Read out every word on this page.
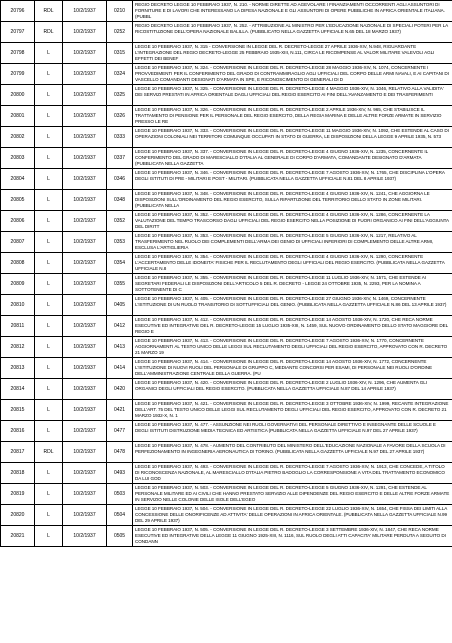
20796	RDL	10/2/1937	0210	REGIO DECRETO LEGGE 10 FEBBRAIO 1937, N. 210. - NORME DIRETTE AD AGEVOLARE I FINANZIAMENTI OCCORRENTI AGLI ASSUNTORI DI FORNITURE E DI LAVORI CHE INTERESSANO LA DIFESA NAZIONALE E GLI ASSUNTORI DI OPERE PUBBLICHE IN AFRICA ORIENTALE ITALIANA. (PUBBL
20797	RDL	10/2/1937	0252	REGIO DECRETO LEGGE 10 FEBBRAIO 1937, N. 252. - ATTRIBUZIONE AL MINISTRO PER L'EDUCAZIONE NAZIONALE DI SPECIALI POTERI PER LA RICOSTITUZIONE DELL'OPERA NAZIONALE BALILLA. (PUBBLICATO NELLA GAZZETTA UFFICIALE N.65 DEL 18 MARZO 1937)
20798	L	10/2/1937	0315	LEGGE 10 FEBBRAIO 1937, N. 315 - CONVERSIONE IN LEGGE DEL R. DECRETO-LEGGE 27 APRILE 1936-XIV, N.948, RIGUARDANTE L'INTEGRAZIONE DEL REGIO DECRETO-LEGGE 25 FEBBRAIO 1935-XIII, N.111, CIRCA LE RICOMPENSE AL VALOR MILITARE VALEVOLI AGLI EFFETTI DEI BENEF
20799	L	10/2/1937	0324	LEGGE 10 FEBBRAIO 1937, N. 324. - CONVERSIONE IN LEGGE DEL R. DECRETO-LEGGE 28 MAGGIO 1936-XIV, N. 1074, CONCERNENTE I PROVVEDIMENTI PER IL CONFERIMENTO DEL GRADO DI CONTRAMMIRAGLIO AGLI UFFICIALI DEL CORPO DELLE ARMI NAVALI, E AI CAPITANI DI VASCELLO COMANDANTI DESIGNATI D'ARMATA IN SPE, E RICONOSCIMENTO DI GENERALI DI D
20800	L	10/2/1937	0325	LEGGE 10 FEBBRAIO 1937, N. 325. - CONVERSIONE IN LEGGE DEL R. DECRETO-LEGGE 4 MAGGIO 1936-XIV, N. 1046, RELATIVO ALLA VALIDITA' DEI SERVIZI PRESTATI IN AFRICA ORIENTALE DAGLI UFFICIALI DEL REGIO ESERCITO AI FINI DELL'AVANZAMENTO E DEI TRASFERIMENTI
20801	L	10/2/1937	0326	LEGGE 10 FEBBRAIO 1937, N. 326. - CONVERSIONE IN LEGGE DEL R. DECRETO-LEGGE 2 APRILE 1936-XIV, N. 965, CHE STABILISCE IL TRATTAMENTO DI PENSIONE PER IL PERSONALE DEL REGIO ESERCITO, DELLA REGIA MARINA E DELLE ALTRE FORZE ARMATE IN SERVIZIO PRESSO LE RE
20802	L	10/2/1937	0333	LEGGE 10 FEBBRAIO 1937, N. 333. - CONVERSIONE IN LEGGE DEL R. DECRETO-LEGGE 11 MAGGIO 1936-XIV, N. 1092, CHE ESTENDE AL CASO DI OPERAZIONI COLONIALI NEI TERRITORI COMUNQUE OCCUPATI IN STATO DI GUERRA, LE DISPOSIZIONI DELLA LEGGE 9 APRILE 1935, N. 573
20803	L	10/2/1937	0337	LEGGE 10 FEBBRAIO 1937, N. 337. - CONVERSIONE IN LEGGE DEL R. DECRETO-LEGGE 4 GIUGNO 1936-XIV, N. 1235, CONCERNENTE IL CONFERIMENTO DEL GRADO DI MARESCIALLO D'ITALIA AL GENERALE DI CORPO D'ARMATA, COMANDANTE DESIGNATO D'ARMATA (PUBBLICATA NELLA GAZZETTA
20804	L	10/2/1937	0346	LEGGE 10 FEBBRAIO 1937, N. 346. - CONVERSIONE IN LEGGE DEL R. DECRETO-LEGGE 7 AGOSTO 1936-XIV, N. 1765, CHE DISCIPLINA L'OPERA DEGLI ISTITUTI DI PRE - MILITARI E POST - MILITARI. (PUBBLICATA NELLA GAZZETTA UFFICIALE N.81 DEL 8 APRILE 1937)
20805	L	10/2/1937	0348	LEGGE 10 FEBBRAIO 1937, N. 348. - CONVERSIONE IN LEGGE DEL R. DECRETO-LEGGE 4 GIUGNO 1936-XIV, N. 1241, CHE AGGIORNA LE DISPOSIZIONI SULL'ORDINAMENTO DEL REGIO ESERCITO, SULLA RIPARTIZIONE DEL TERRITORIO DELLO STATO IN ZONE MILITARI. (PUBBLICATA NELLA
20806	L	10/2/1937	0352	LEGGE 10 FEBBRAIO 1937, N. 352. - CONVERSIONE IN LEGGE DEL R. DECRETO-LEGGE 4 GIUGNO 1936-XIV, N. 1286, CONCERNENTE LA VALUTAZIONE DEL TEMPO TRASCORSO DAGLI UFFICIALI DEL REGIO ESERCITO NELLA POSIZIONE DI FUORI ORGANICO AI FINI DELL'AGGIUNTA DEL DIRITT
20807	L	10/2/1937	0353	LEGGE 10 FEBBRAIO 1937, N. 353. - CONVERSIONE IN LEGGE DEL R. DECRETO-LEGGE 5 GIUGNO 1936-XIV, N. 1217, RELATIVO AL TRASFERIMENTO NEL RUOLO DEI COMPLEMENTI DELL'ARMA DEI GENIO DI UFFICIALI INFERIORI DI COMPLEMENTO DELLE ALTRE ARMI, ESCLUSA L'ARTIGLIERIA
20808	L	10/2/1937	0354	LEGGE 10 FEBBRAIO 1937, N. 354. - CONVERSIONE IN LEGGE DEL R. DECRETO-LEGGE 4 GIUGNO 1936-XIV, N. 1290, CONCERNENTE L'ACCERTAMENTO DELLE IDONEITA' FISICHE PER IL RECLUTAMENTO DEGLI UFFICIALI DEL REGIO ESERCITO. (PUBBLICATA NELLA GAZZETTA UFFICIALE N.8
20809	L	10/2/1937	0355	LEGGE 10 FEBBRAIO 1937, N. 355. - CONVERSIONE IN LEGGE DEL R. DECRETO-LEGGE 11 LUGLIO 1936-XIV, N. 1571, CHE ESTENDE AI SEGRETARI FEDERALI LE DISPOSIZIONI DELL'ARTICOLO 5 DEL R. DECRETO - LEGGE 24 OTTOBRE 1935, N. 2293, PER LA NOMINA A SOTTOTENENTE DI C
20810	L	10/2/1937	0405	LEGGE 10 FEBBRAIO 1937, N. 405. - CONVERSIONE IN LEGGE DEL R. DECRETO-LEGGE 27 GIUGNO 1936-XIV, N. 1469, CONCERNENTE L'ISTITUZIONE DI UN RUOLO TRANSITORIO DI SOTTUFFICIALI DEL GENIO. (PUBBLICATA NELLA GAZZETTA UFFICIALE N.86 DEL 13 APRILE 1937)
20811	L	10/2/1937	0412	LEGGE 10 FEBBRAIO 1937, N. 412. - CONVERSIONE IN LEGGE DEL R. DECRETO-LEGGE 14 AGOSTO 1936-XIV, N. 1720, CHE RECA NORME ESECUTIVE ED INTEGRATIVE DEL R. DECRETO-LEGGE 15 LUGLIO 1935-XIII, N. 1459, SUL NUOVO ORDINAMENTO DELLO STATO MAGGIORE DEL REGIO E
20812	L	10/2/1937	0413	LEGGE 10 FEBBRAIO 1937, N. 413. - CONVERSIONE IN LEGGE DEL R. DECRETO-LEGGE 7 AGOSTO 1936-XIV, N. 1770, CONCERNENTE AGGIORNAMENTI AL TESTO UNICO DELLE LEGGI SUL RECLUTAMENTO DEGLI UFFICIALI DEL REGIO ESERCITO, APPROVATO CON R. DECRETO 21 MARZO 19
20813	L	10/2/1937	0414	LEGGE 10 FEBBRAIO 1937, N. 414. - CONVERSIONE IN LEGGE DEL R. DECRETO-LEGGE 14 AGOSTO 1936-XIV, N. 1772, CONCERNENTE L'ISTITUZIONE DI NUOVI RUOLI DEL PERSONALE DI GRUPPO C, MEDIANTE CONCORSI PER ESAMI, DI PERSONALE NEI RUOLI D'ORDINE DELL'AMMINISTRAZIONE CENTRALE DELLA GUERRA. (PU
20814	L	10/2/1937	0420	LEGGE 10 FEBBRAIO 1937, N. 420. - CONVERSIONE IN LEGGE DEL R. DECRETO-LEGGE 2 LUGLIO 1936-XIV, N. 1296, CHE AUMENTA GLI ORGANICI DEGLI UFFICIALI DEL REGIO ESERCITO. (PUBBLICATA NELLA GAZZETTA UFFICIALE N.87 DEL 14 APRILE 1937)
20815	L	10/2/1937	0421	LEGGE 10 FEBBRAIO 1937, N. 421. - CONVERSIONE IN LEGGE DEL R. DECRETO-LEGGE 3 OTTOBRE 1936-XIV, N. 1999, RECANTE INTEGRAZIONE DELL'ART. 75 DEL TESTO UNICO DELLE LEGGI SUL RECLUTAMENTO DEGLI UFFICIALI DEL REGIO ESERCITO, APPROVATO CON R. DECRETO 21 MARZO 1932-X, N. 1
20816	L	10/2/1937	0477	LEGGE 10 FEBBRAIO 1937, N. 477. - ASSUNZIONE NEI RUOLI GOVERNATIVI DEL PERSONALE DIRETTIVO E INSEGNANTE DELLE SCUOLE E DEGLI ISTITUTI DISTRUZIONE MEDIA TECNICA ED ARTISTICA (PUBBLICATA NELLA GAZZETTA UFFICIALE N.97 DEL 27 APRILE 1937)
20817	RDL	10/2/1937	0478	LEGGE 10 FEBBRAIO 1937, N. 478. - AUMENTO DEL CONTRIBUTO DEL MINISTERO DELL'EDUCAZIONE NAZIONALE A FAVORE DELLA SCUOLA DI PERFEZIONAMENTO IN INGEGNERIA AERONAUTICA DI TORINO. (PUBBLICATA NELLA GAZZETTA UFFICIALE N.97 DEL 27 APRILE 1937)
20818	L	10/2/1937	0493	LEGGE 10 FEBBRAIO 1937, N. 493. - CONVERSIONE IN LEGGE DEL R. DECRETO-LEGGE 7 AGOSTO 1936-XIV, N. 1913, CHE CONCEDE, A TITOLO DI RICONOSCENZA NAZIONALE, AL MARESCIALLO D'ITALIA PIETRO BADOGLIO LA CORRESPONSIONE A VITA DEL TRATTAMENTO ECONOMICO DA LUI GOD
20819	L	10/2/1937	0503	LEGGE 10 FEBBRAIO 1937, N. 503. - CONVERSIONE IN LEGGE DEL R. DECRETO-LEGGE 5 GIUGNO 1936-XIV, N. 1291, CHE ESTENDE AL PERSONALE MILITARE ED AI CIVILI CHE HANNO PRESTATO SERVIZIO ALLE DIPENDENZE DEL REGIO ESERCITO E DELLE ALTRE FORZE ARMATE IN SERVIZIO NELLE COLONIE DELLE ISOLE DELL'EGEO
20820	L	10/2/1937	0504	LEGGE 10 FEBBRAIO 1937, N. 504. - CONVERSIONE IN LEGGE DEL R. DECRETO-LEGGE 22 LUGLIO 1936-XIV, N. 1654, CHE FISSA DEI LIMITI ALLA CONCESSIONE DELLE ONORIFICENZE AD ATTIVITA' DELLE OPERAZIONI IN AFRICA ORIENTALE. (PUBBLICATA NELLA GAZZETTA UFFICIALE N.99 DEL 29 APRILE 1937)
20821	L	10/2/1937	0505	LEGGE 10 FEBBRAIO 1937, N. 505. - CONVERSIONE IN LEGGE DEL R. DECRETO-LEGGE 3 SETTEMBRE 1936-XIV, N. 1847, CHE RECA NORME ESECUTIVE ED INTEGRATIVE DELLA LEGGE 11 GIUGNO 1925-XIII, N. 1116, SUL RUOLO DEGLI ATTI CAPACITA' MILITARE PERDUTA A SEGUITO DI CONDANN
